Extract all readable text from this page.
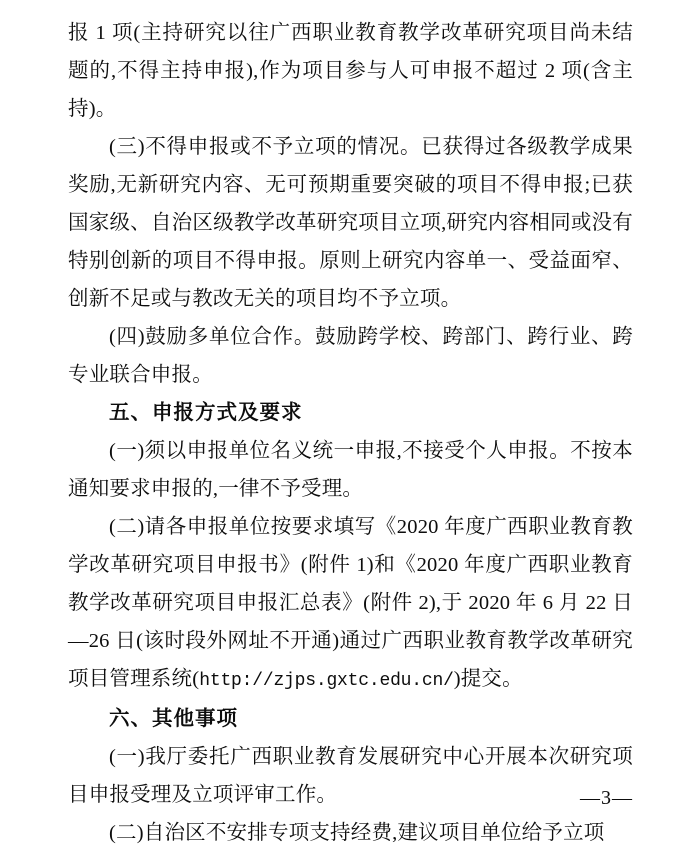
报 1 项(主持研究以往广西职业教育教学改革研究项目尚未结题的,不得主持申报),作为项目参与人可申报不超过 2 项(含主持)。

(三)不得申报或不予立项的情况。已获得过各级教学成果奖励,无新研究内容、无可预期重要突破的项目不得申报;已获国家级、自治区级教学改革研究项目立项,研究内容相同或没有特别创新的项目不得申报。原则上研究内容单一、受益面窄、创新不足或与教改无关的项目均不予立项。

(四)鼓励多单位合作。鼓励跨学校、跨部门、跨行业、跨专业联合申报。

五、申报方式及要求

(一)须以申报单位名义统一申报,不接受个人申报。不按本通知要求申报的,一律不予受理。

(二)请各申报单位按要求填写《2020 年度广西职业教育教学改革研究项目申报书》(附件 1)和《2020 年度广西职业教育教学改革研究项目申报汇总表》(附件 2),于 2020 年 6 月 22 日—26 日(该时段外网址不开通)通过广西职业教育教学改革研究项目管理系统(http://zjps.gxtc.edu.cn/)提交。

六、其他事项

(一)我厅委托广西职业教育发展研究中心开展本次研究项目申报受理及立项评审工作。

(二)自治区不安排专项支持经费,建议项目单位给予立项

—3—
